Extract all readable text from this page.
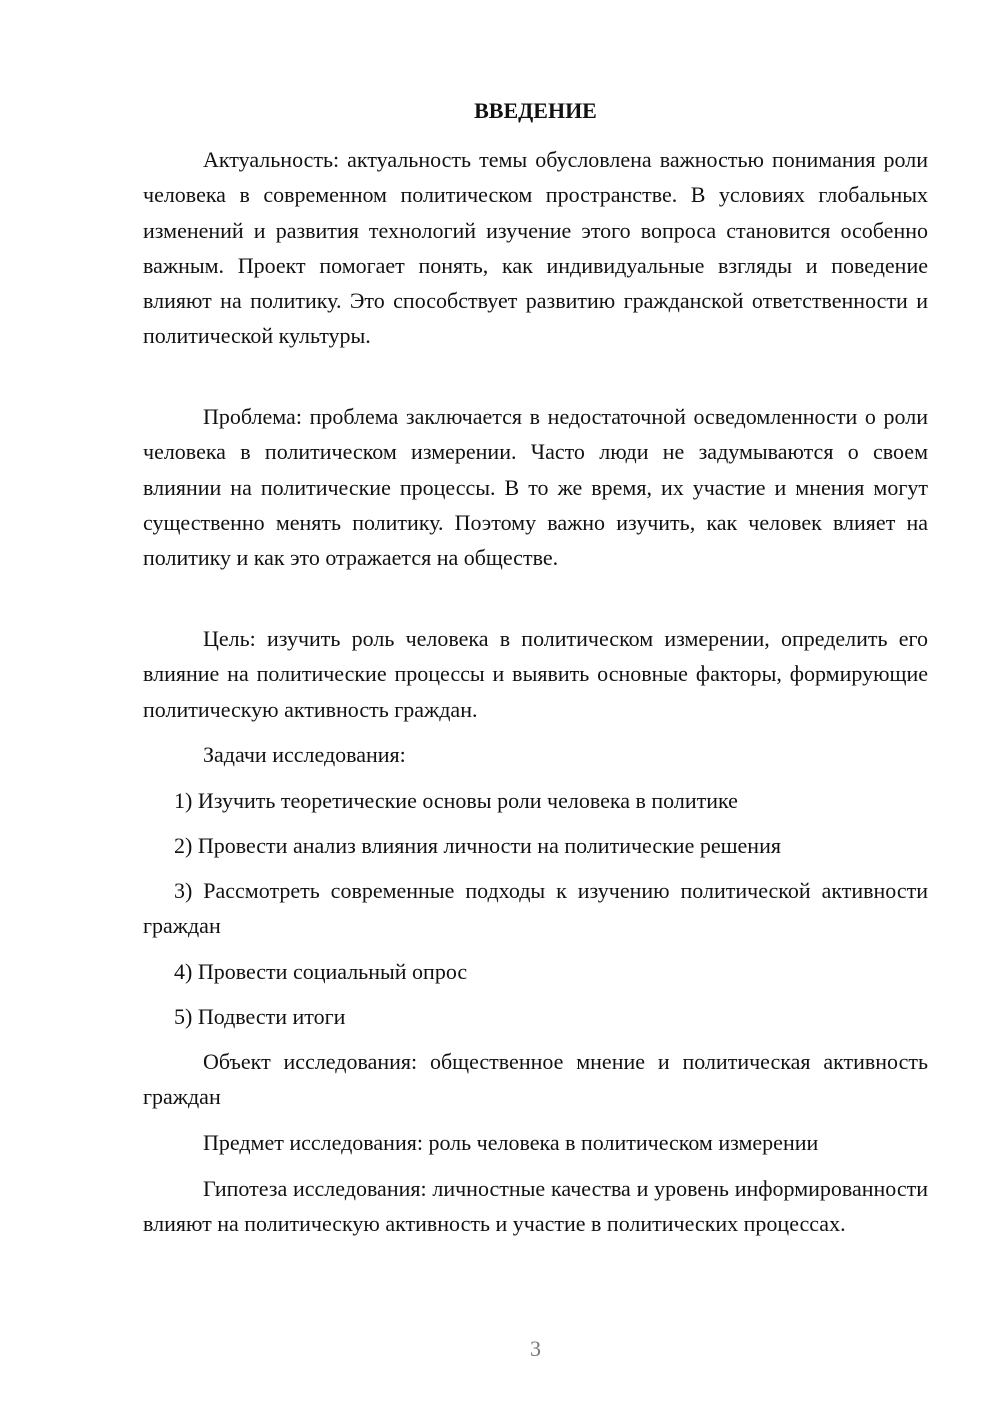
ВВЕДЕНИЕ

Актуальность: актуальность темы обусловлена важностью понимания роли человека в современном политическом пространстве. В условиях глобальных изменений и развития технологий изучение этого вопроса становится особенно важным. Проект помогает понять, как индивидуальные взгляды и поведение влияют на политику. Это способствует развитию гражданской ответственности и политической культуры.

Проблема: проблема заключается в недостаточной осведомленности о роли человека в политическом измерении. Часто люди не задумываются о своем влиянии на политические процессы. В то же время, их участие и мнения могут существенно менять политику. Поэтому важно изучить, как человек влияет на политику и как это отражается на обществе.

Цель: изучить роль человека в политическом измерении, определить его влияние на политические процессы и выявить основные факторы, формирующие политическую активность граждан.

Задачи исследования:

1) Изучить теоретические основы роли человека в политике

2) Провести анализ влияния личности на политические решения

3) Рассмотреть современные подходы к изучению политической активности граждан

4) Провести социальный опрос

5) Подвести итоги

Объект исследования: общественное мнение и политическая активность граждан

Предмет исследования: роль человека в политическом измерении

Гипотеза исследования: личностные качества и уровень информированности влияют на политическую активность и участие в политических процессах.

3
